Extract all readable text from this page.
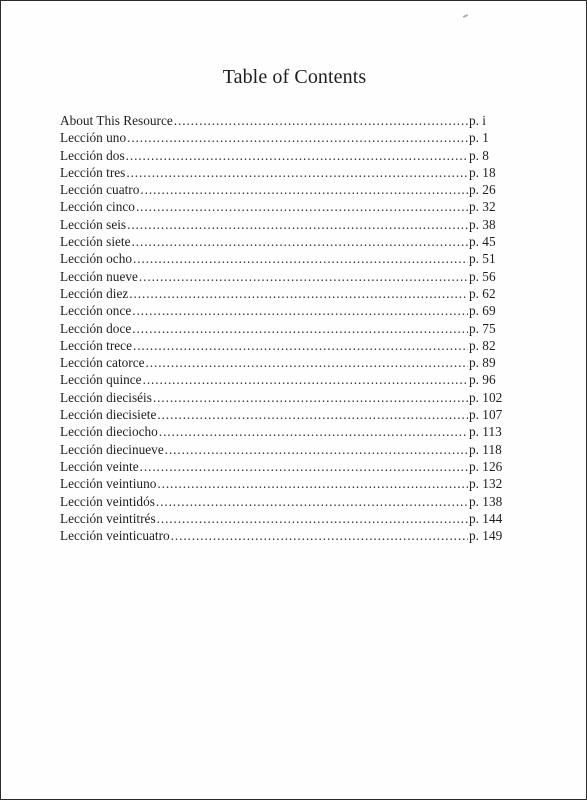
Table of Contents
About This Resource .....	p. i
Lección uno .....	p. 1
Lección dos .....	p. 8
Lección tres .....	p. 18
Lección cuatro .....	p. 26
Lección cinco .....	p. 32
Lección seis .....	p. 38
Lección siete .....	p. 45
Lección ocho .....	p. 51
Lección nueve .....	p. 56
Lección diez .....	p. 62
Lección once .....	p. 69
Lección doce .....	p. 75
Lección trece .....	p. 82
Lección catorce .....	p. 89
Lección quince .....	p. 96
Lección dieciséis .....	p. 102
Lección diecisiete .....	p. 107
Lección dieciocho .....	p. 113
Lección diecinueve .....	p. 118
Lección veinte .....	p. 126
Lección veintiuno .....	p. 132
Lección veintidós .....	p. 138
Lección veintitrés .....	p. 144
Lección veinticuatro .....	p. 149
